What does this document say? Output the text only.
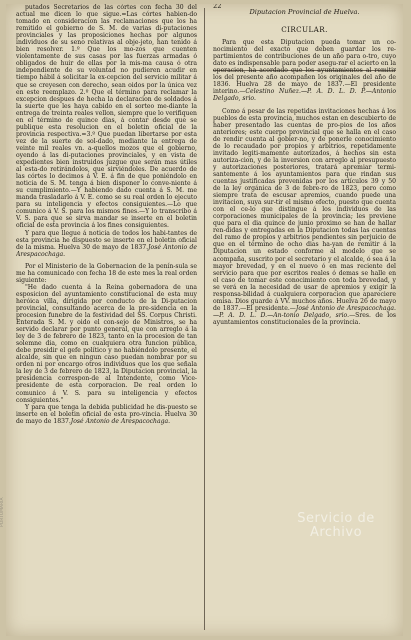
putados Secretarios de las córtes con fecha 30 del actual me dicen lo que sigue.=Las córtes habien-do tomado en consideracion las reclamaciones que los ha remitido el gobierno de S. M. de varias di-putaciones provinciales y las proposiciones hechas por algunos individuos de su seno relativas al obje-jeto, han tenido á bien resolver. 1.º Que los mo-zos que cuenten violentamente de sus casas por las fuerzas armadas ó obligados de huir de ellas por la mis-ma causa ó otra independiente de su voluntad no pudieren acudir en tiempo hábil á solicitar la ex-cepcion del servicio militar á que se creyesen con derecho, sean oidos por la única vez en este reemplazo. 2.º Que el término para reclamar la excepcion despues de hecha la declaracion de soldados á la suerte que les haya cabido en el sorteo me-diante la entrega de treinta reales vellon, siempre que lo verifiquen en el término de quince dias, á contar desde que se publique esta resolucion en el boletin oficial de la provincia respectiva.=3.º Que puedan libertarse por esta vez de la suerte de sol-dado, mediante la entrega de veinte mil reales vn. a-quellos mozos que el gobierno, oyendo á las di-putaciones provinciales, y en vista de expedientes bien instruidos juzgue que serán mas útiles al esta-do retirándolos, que sirviéndoles. De acuerdo de las córtes lo decimos á V. E. á fin de que poniéndolo en noticia de S. M. tenga á bien disponer lo conve-niente á su cumplimiento.—Y habiendo dado cuenta á S. M. me manda trasladarlo á V. E. como se su real orden lo ejecuto para su inteligencia y efectos consiguientes.—Lo que comunico á V. S. para los mismos fines.—Y lo transcribo á V. S. para que se sirva mandar se inserte en el boletin oficial de esta provincia á los fines consiguientes.

Y para que llegue á noticia de todos los habi-tantes de esta provincia he dispuesto se inserte en el boletin oficial de la misma. Huelva 30 de mayo de 1837.José Antonio de Arespacochaga.

Por el Ministerio de la Gobernacion de la penín-sula se me ha comunicado con fecha 18 de este mes la real orden siguiente:

"He dado cuenta á la Reina gobernadora de una esposicion del ayuntamiento constitucional de esta muy heróica villa, dirigida por conducto de la Di-putacion provincial, consultando acerca de la pre-sidencia en la procesion funebre de la festividad del SS. Corpus Christi. Enterada S. M. y oido el con-sejo de Ministros, se ha servido declarar por punto general, que con arreglo á la ley de 3 de febrero de 1823, tanto en la procesion de tan solemne dia, como en cualquiera otra funcion pública, debe presidir el gefe político y no habiéndolo presente, el alcalde, sin que en ningun caso puedan nombrar por su orden ni por encargo otros individuos que los que señala la ley de 3 de febrero de 1823, la Diputacion provincial, la presidencia correspon-de al Intendente, como Vice-presidente de esta corporacion. De real orden lo comunico á V. S. para su inteligencia y efectos consiguientes."

Y para que tenga la debida publicidad he dis-puesto se inserte en el boletin oficial de esta pro-vincia. Huelva 30 de mayo de 1837.José Antonio de Arespacochaga.

22
Diputacion Provincial de Huelva.
CIRCULAR.

Para que esta Diputacion pueda tomar un co-nocimiento del exacto que deben guardar los re-partimientos de contribuciones de un año para o-tro, cuyo dato es indispensable para poder asegu-rar el acierto en la operacion, ha acordado que los ayuntamientos al remitir los del presente año acompañen los originales del año de 1836. Huelva 28 de mayo de 1837.—El presidente interino.—Celestino Nuñez.—P. A. D. L. D. P.—Antonio Delgado, srio.

Como á pesar de las repetidas invitaciones hechas á los pueblos de esta provincia, muchos estan en descubierto de haber presentado las cuentas de pro-pios de los años anteriores; este cuerpo provincial que se halla en el caso de rendir cuenta al gobier-no, y de ponerle conocimiento de lo recaudado por propios y arbitrios, repetidamente invitado legiti-mamente autorizados, á hechos sin esta autoriza-cion, y de la inversion con arreglo al presupuesto y autorizaciones posteriores, tratará apremiar termi-santemente á los ayuntamientos para que rindan sus cuentas justificadas prevenidas por los artículos 39 y 50 de la ley orgánica de 3 de febre-ro de 1823, pero como siempre trata de escusar apremios, cuando puede una invitacion, suya sur-tir el mismo efecto, puesto que cuenta con el ce-lo que distingue á los individuos de las corporaciones municipales de la provincia; les previene que para el dia quince de junio proximo se han de hallar ren-didas y entregadas en la Diputacion todas las cuentas del ramo de propios y arbitrios pendientes sin perjuicio de que en el término de ocho dias ha-yan de remitir á la Diputacion un estado conforme al modelo que se acompaña, suscrito por el secretario y el alcalde, ó sea á la mayor brevedad, y en el nuevo ó en mas reciente del servicio para que por escritos reales ó demas se halle en el caso de tomar este conocimiento con toda brevedad, y se verá en la necesidad de usar de apremios y exigir la responsa-bilidad á cualquiera corporacion que apareciere omisa. Dios guarde á VV. muchos años. Huelva 26 de mayo de 1837.—El presidente.—José Antonio de Arespacochaga.—P. A. D. L. D.—An-tonio Delgado, srio.—Sres. de los ayuntamientos constitucionales de la provincia.

Servicio de Archivo
PORTUMARIA
